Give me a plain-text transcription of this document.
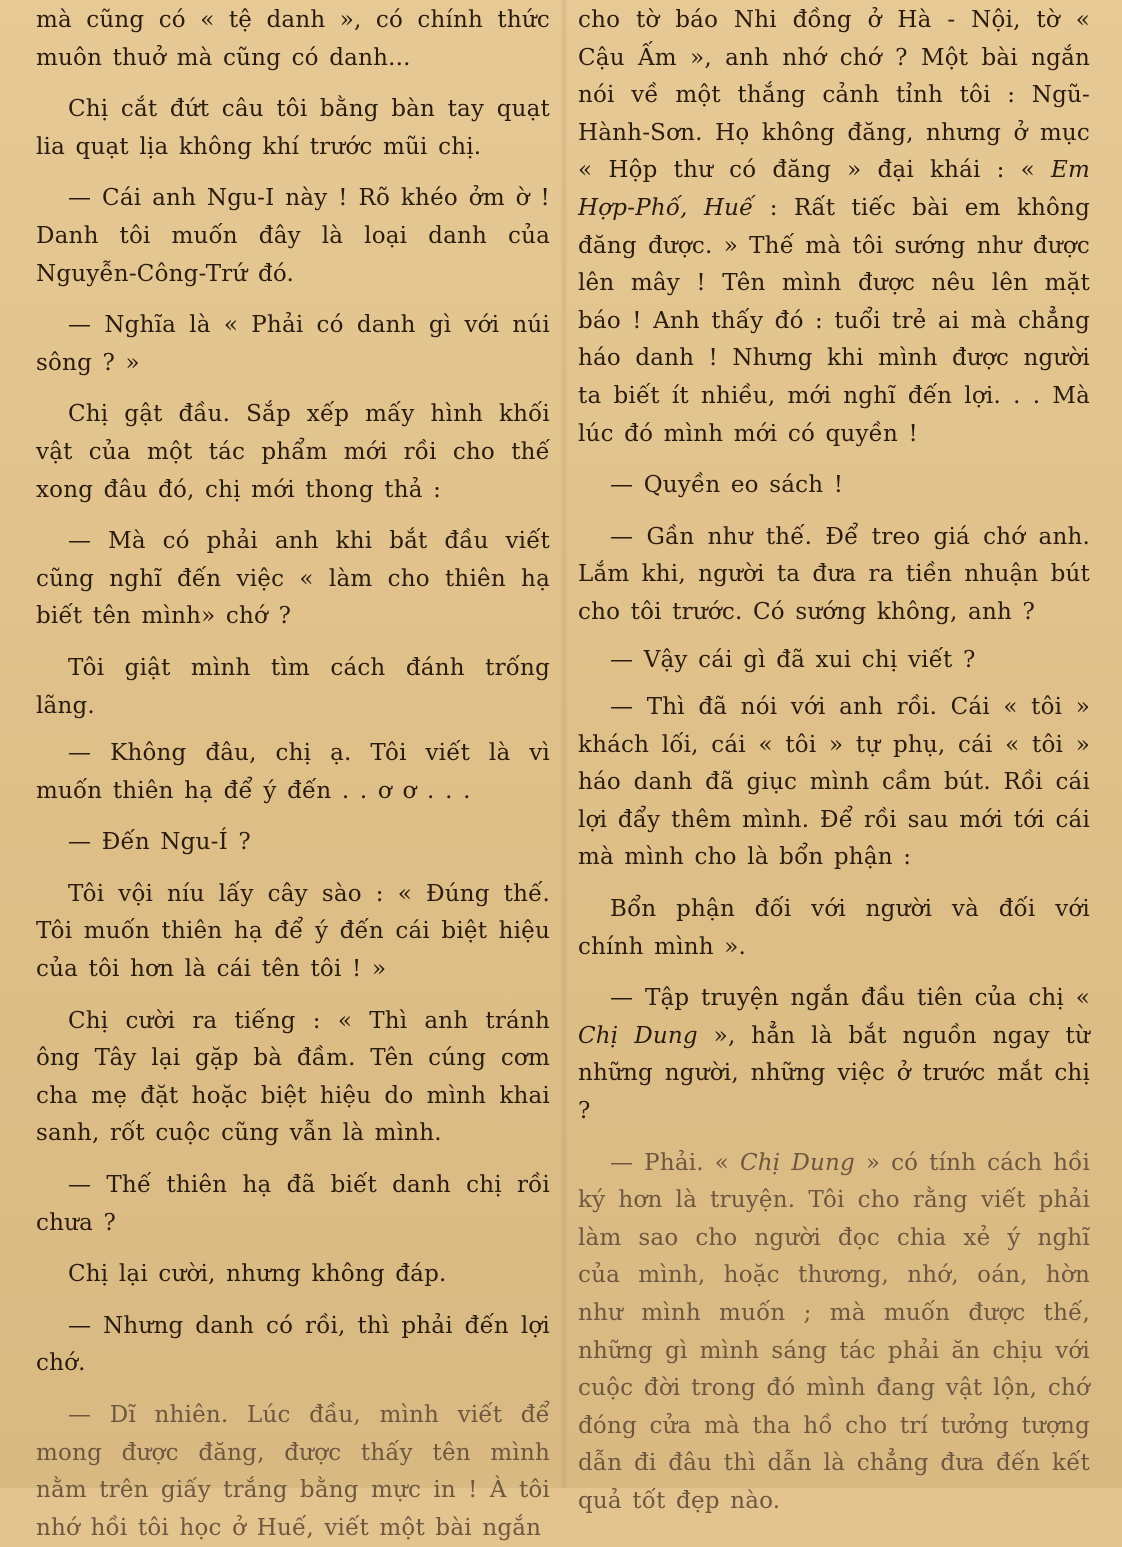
mà cũng có « tệ danh », có chính thức muôn thuở mà cũng có danh...

Chị cắt đứt câu tôi bằng bàn tay quạt lia quạt lịa không khí trước mũi chị.

— Cái anh Ngu-I này ! Rõ khéo ởm ờ ! Danh tôi muốn đây là loại danh của Nguyễn-Công-Trứ đó.

— Nghĩa là « Phải có danh gì với núi sông ? »

Chị gật đầu. Sắp xếp mấy hình khối vật của một tác phẩm mới rồi cho thế xong đâu đó, chị mới thong thả :

— Mà có phải anh khi bắt đầu viết cũng nghĩ đến việc « làm cho thiên hạ biết tên mình» chớ ?

Tôi giật mình tìm cách đánh trống lãng.

— Không đâu, chị ạ. Tôi viết là vì muốn thiên hạ để ý đến . . ơ ơ . . .

— Đến Ngu-Í ?

Tôi vội níu lấy cây sào : « Đúng thế. Tôi muốn thiên hạ để ý đến cái biệt hiệu của tôi hơn là cái tên tôi ! »

Chị cười ra tiếng : « Thì anh tránh ông Tây lại gặp bà đầm. Tên cúng cơm cha mẹ đặt hoặc biệt hiệu do mình khai sanh, rốt cuộc cũng vẫn là mình.

— Thế thiên hạ đã biết danh chị rồi chưa ?

Chị lại cười, nhưng không đáp.

— Nhưng danh có rồi, thì phải đến lợi chớ.

— Dĩ nhiên. Lúc đầu, mình viết để mong được đăng, được thấy tên mình nằm trên giấy trắng bằng mực in ! À tôi nhớ hồi tôi học ở Huế, viết một bài ngắn

cho tờ báo Nhi đồng ở Hà - Nội, tờ « Cậu Ấm », anh nhớ chớ ? Một bài ngắn nói về một thắng cảnh tỉnh tôi : Ngũ-Hành-Sơn. Họ không đăng, nhưng ở mục « Hộp thư có đăng » đại khái : « Em Hợp-Phố, Huế : Rất tiếc bài em không đăng được. » Thế mà tôi sướng như được lên mây ! Tên mình được nêu lên mặt báo ! Anh thấy đó : tuổi trẻ ai mà chẳng háo danh ! Nhưng khi mình được người ta biết ít nhiều, mới nghĩ đến lợi. . . Mà lúc đó mình mới có quyền !

— Quyền eo sách !

— Gần như thế. Để treo giá chớ anh. Lắm khi, người ta đưa ra tiền nhuận bút cho tôi trước. Có sướng không, anh ?

— Vậy cái gì đã xui chị viết ?

— Thì đã nói với anh rồi. Cái « tôi » khách lối, cái « tôi » tự phụ, cái « tôi » háo danh đã giục mình cầm bút. Rồi cái lợi đẩy thêm mình. Để rồi sau mới tới cái mà mình cho là bổn phận :

Bổn phận đối với người và đối với chính mình ».

— Tập truyện ngắn đầu tiên của chị « Chị Dung », hẳn là bắt nguồn ngay từ những người, những việc ở trước mắt chị ?

— Phải. « Chị Dung » có tính cách hồi ký hơn là truyện. Tôi cho rằng viết phải làm sao cho người đọc chia xẻ ý nghĩ của mình, hoặc thương, nhớ, oán, hờn như mình muốn ; mà muốn được thế, những gì mình sáng tác phải ăn chịu với cuộc đời trong đó mình đang vật lộn, chớ đóng cửa mà tha hồ cho trí tưởng tượng dẫn đi đâu thì dẫn là chẳng đưa đến kết quả tốt đẹp nào.
